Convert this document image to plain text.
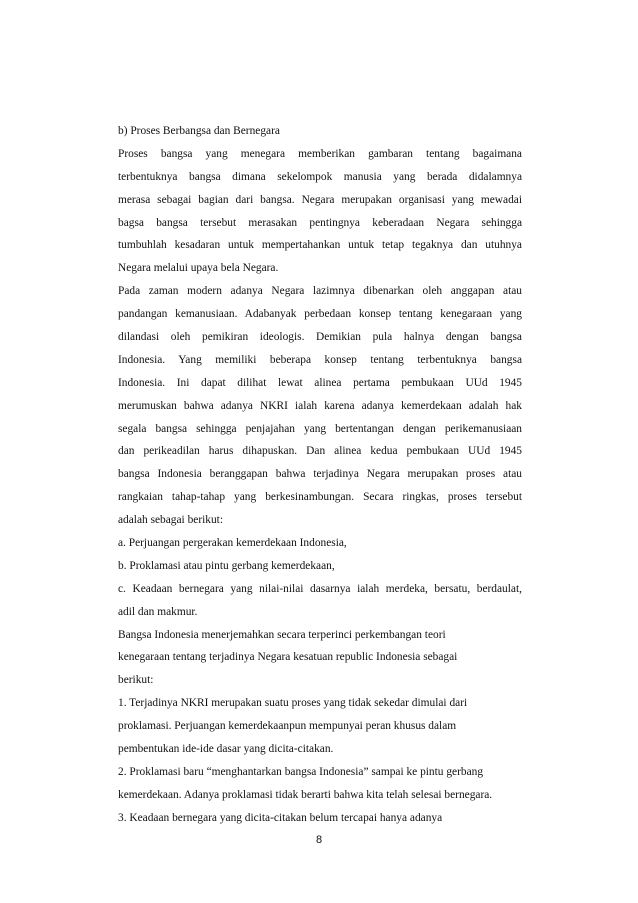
b) Proses Berbangsa dan Bernegara
Proses bangsa yang menegara memberikan gambaran tentang bagaimana
terbentuknya bangsa dimana sekelompok manusia yang berada didalamnya
merasa sebagai bagian dari bangsa. Negara merupakan organisasi yang mewadai
bagsa bangsa tersebut merasakan pentingnya keberadaan Negara sehingga
tumbuhlah kesadaran untuk mempertahankan untuk tetap tegaknya dan utuhnya
Negara melalui upaya bela Negara.
Pada zaman modern adanya Negara lazimnya dibenarkan oleh anggapan atau
pandangan kemanusiaan. Adabanyak perbedaan konsep tentang kenegaraan yang
dilandasi oleh pemikiran ideologis. Demikian pula halnya dengan bangsa
Indonesia. Yang memiliki beberapa konsep tentang terbentuknya bangsa
Indonesia. Ini dapat dilihat lewat alinea pertama pembukaan UUd 1945
merumuskan bahwa adanya NKRI ialah karena adanya kemerdekaan adalah hak
segala bangsa sehingga penjajahan yang bertentangan dengan perikemanusiaan
dan perikeadilan harus dihapuskan. Dan alinea kedua pembukaan UUd 1945
bangsa Indonesia beranggapan bahwa terjadinya Negara merupakan proses atau
rangkaian tahap-tahap yang berkesinambungan. Secara ringkas, proses tersebut
adalah sebagai berikut:
a. Perjuangan pergerakan kemerdekaan Indonesia,
b. Proklamasi atau pintu gerbang kemerdekaan,
c. Keadaan bernegara yang nilai-nilai dasarnya ialah merdeka, bersatu, berdaulat,
adil dan makmur.
Bangsa Indonesia menerjemahkan secara terperinci perkembangan teori
kenegaraan tentang terjadinya Negara kesatuan republic Indonesia sebagai
berikut:
1. Terjadinya NKRI merupakan suatu proses yang tidak sekedar dimulai dari
proklamasi. Perjuangan kemerdekaanpun mempunyai peran khusus dalam
pembentukan ide-ide dasar yang dicita-citakan.
2. Proklamasi baru “menghantarkan bangsa Indonesia” sampai ke pintu gerbang
kemerdekaan. Adanya proklamasi tidak berarti bahwa kita telah selesai bernegara.
3. Keadaan bernegara yang dicita-citakan belum tercapai hanya adanya
8
